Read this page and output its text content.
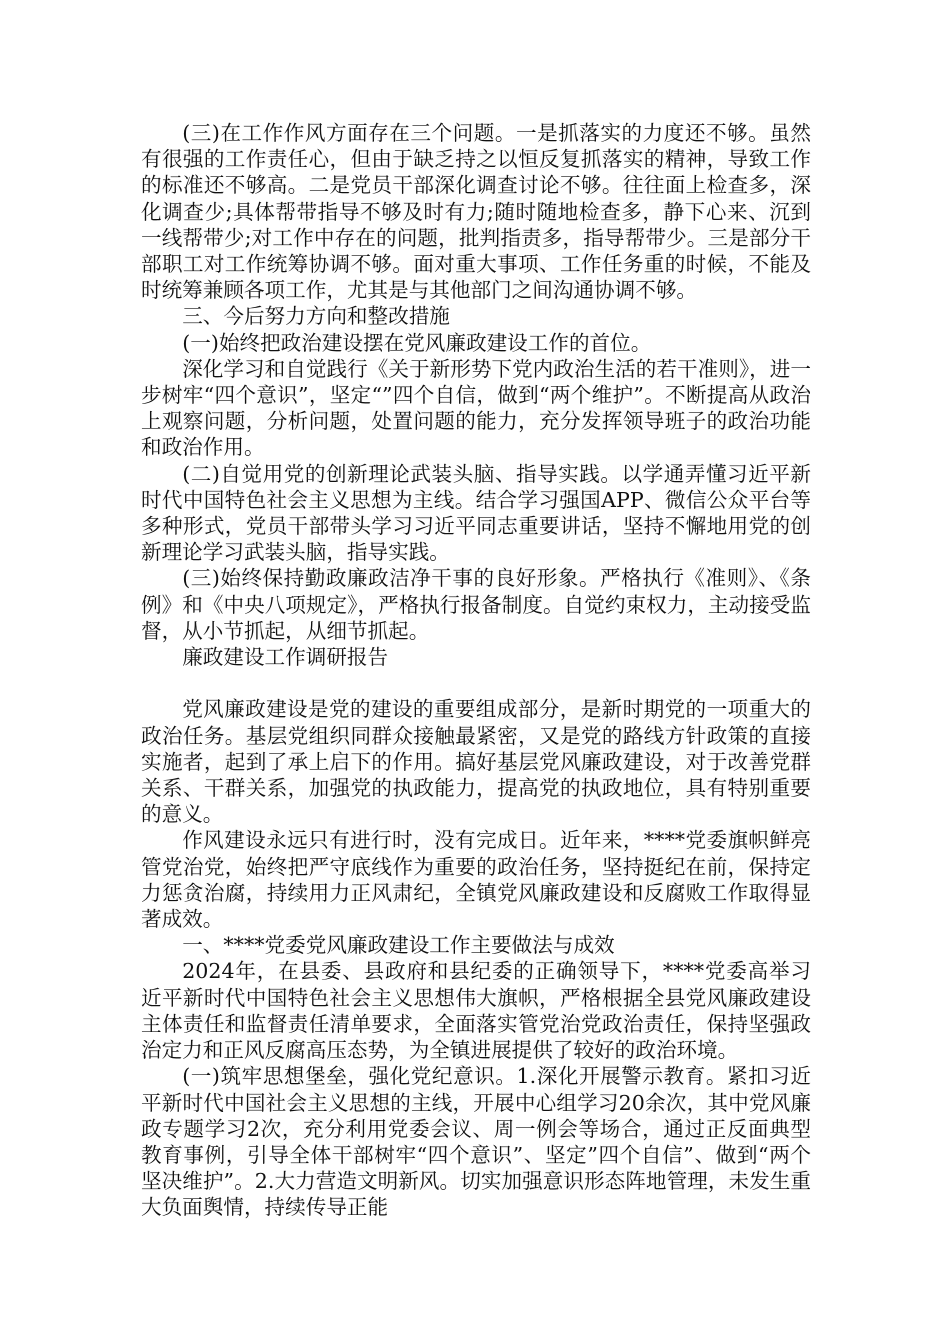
(三)在工作作风方面存在三个问题。一是抓落实的力度还不够。虽然有很强的工作责任心，但由于缺乏持之以恒反复抓落实的精神，导致工作的标准还不够高。二是党员干部深化调查讨论不够。往往面上检查多，深化调查少;具体帮带指导不够及时有力;随时随地检查多，静下心来、沉到一线帮带少;对工作中存在的问题，批判指责多，指导帮带少。三是部分干部职工对工作统筹协调不够。面对重大事项、工作任务重的时候，不能及时统筹兼顾各项工作，尤其是与其他部门之间沟通协调不够。

三、今后努力方向和整改措施

(一)始终把政治建设摆在党风廉政建设工作的首位。

深化学习和自觉践行《关于新形势下党内政治生活的若干准则》，进一步树牢“四个意识”，坚定“”四个自信，做到“两个维护”。不断提高从政治上观察问题，分析问题，处置问题的能力，充分发挥领导班子的政治功能和政治作用。

(二)自觉用党的创新理论武装头脑、指导实践。以学通弄懂习近平新时代中国特色社会主义思想为主线。结合学习强国APP、微信公众平台等多种形式，党员干部带头学习习近平同志重要讲话，坚持不懈地用党的创新理论学习武装头脑，指导实践。

(三)始终保持勤政廉政洁净干事的良好形象。严格执行《准则》、《条例》和《中央八项规定》，严格执行报备制度。自觉约束权力，主动接受监督，从小节抓起，从细节抓起。

廉政建设工作调研报告

党风廉政建设是党的建设的重要组成部分，是新时期党的一项重大的政治任务。基层党组织同群众接触最紧密，又是党的路线方针政策的直接实施者，起到了承上启下的作用。搞好基层党风廉政建设，对于改善党群关系、干群关系，加强党的执政能力，提高党的执政地位，具有特别重要的意义。

作风建设永远只有进行时，没有完成日。近年来，****党委旗帜鲜亮管党治党，始终把严守底线作为重要的政治任务，坚持挺纪在前，保持定力惩贪治腐，持续用力正风肃纪，全镇党风廉政建设和反腐败工作取得显著成效。

一、****党委党风廉政建设工作主要做法与成效

2024年，在县委、县政府和县纪委的正确领导下，****党委高举习近平新时代中国特色社会主义思想伟大旗帜，严格根据全县党风廉政建设主体责任和监督责任清单要求，全面落实管党治党政治责任，保持坚强政治定力和正风反腐高压态势，为全镇进展提供了较好的政治环境。

(一)筑牢思想堡垒，强化党纪意识。1.深化开展警示教育。紧扣习近平新时代中国社会主义思想的主线，开展中心组学习20余次，其中党风廉政专题学习2次，充分利用党委会议、周一例会等场合，通过正反面典型教育事例，引导全体干部树牢“四个意识”、坚定”四个自信”、做到“两个坚决维护”。2.大力营造文明新风。切实加强意识形态阵地管理，未发生重大负面舆情，持续传导正能
